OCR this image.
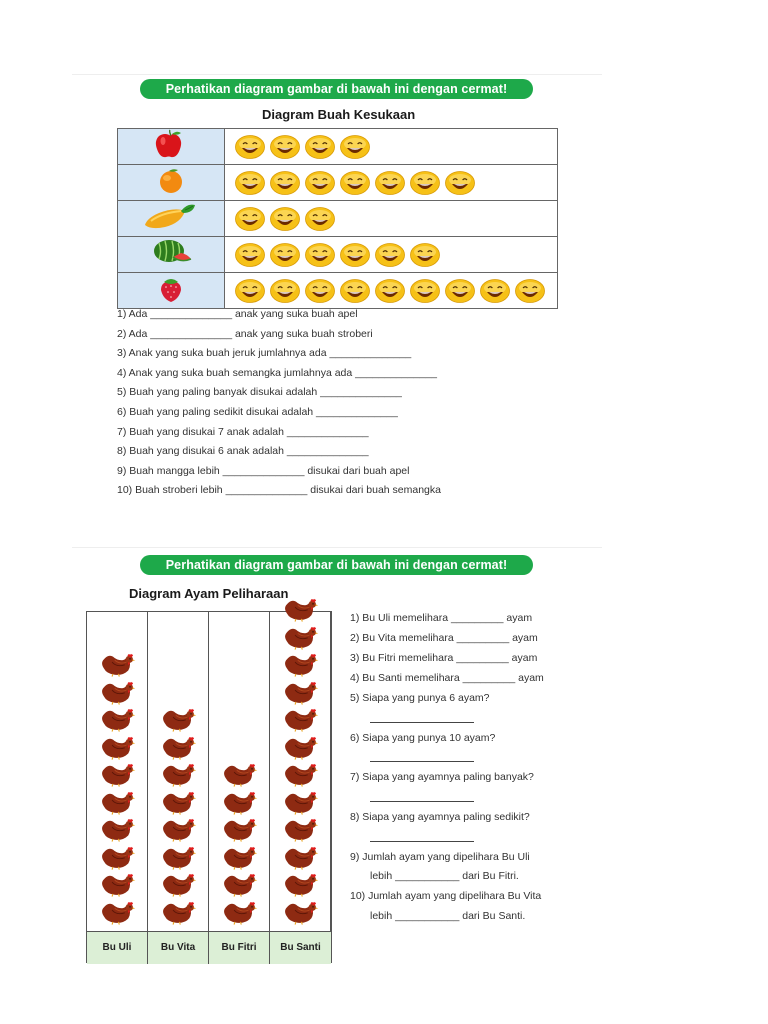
Perhatikan diagram gambar di bawah ini dengan cermat!
Diagram Buah Kesukaan

1) Ada ______________ anak yang suka buah apel
2) Ada ______________ anak yang suka buah stroberi
3) Anak yang suka buah jeruk jumlahnya ada ______________
4) Anak yang suka buah semangka jumlahnya ada ______________
5) Buah yang paling banyak disukai adalah ______________
6) Buah yang paling sedikit disukai adalah ______________
7) Buah yang disukai 7 anak adalah ______________
8) Buah yang disukai 6 anak adalah ______________
9) Buah mangga lebih ______________ disukai dari buah apel
10) Buah stroberi lebih ______________ disukai dari buah semangka
Perhatikan diagram gambar di bawah ini dengan cermat!
Diagram Ayam Peliharaan
Bu Uli	Bu Vita	Bu Fitri	Bu Santi
1) Bu Uli memelihara _________ ayam
2) Bu Vita memelihara _________ ayam
3) Bu Fitri memelihara _________ ayam
4) Bu Santi memelihara _________ ayam
5) Siapa yang punya 6 ayam?
6) Siapa yang punya 10 ayam?
7) Siapa yang ayamnya paling banyak?
8) Siapa yang ayamnya paling sedikit?
9) Jumlah ayam yang dipelihara Bu Uli
lebih ___________ dari Bu Fitri.
10) Jumlah ayam yang dipelihara Bu Vita
lebih ___________ dari Bu Santi.
